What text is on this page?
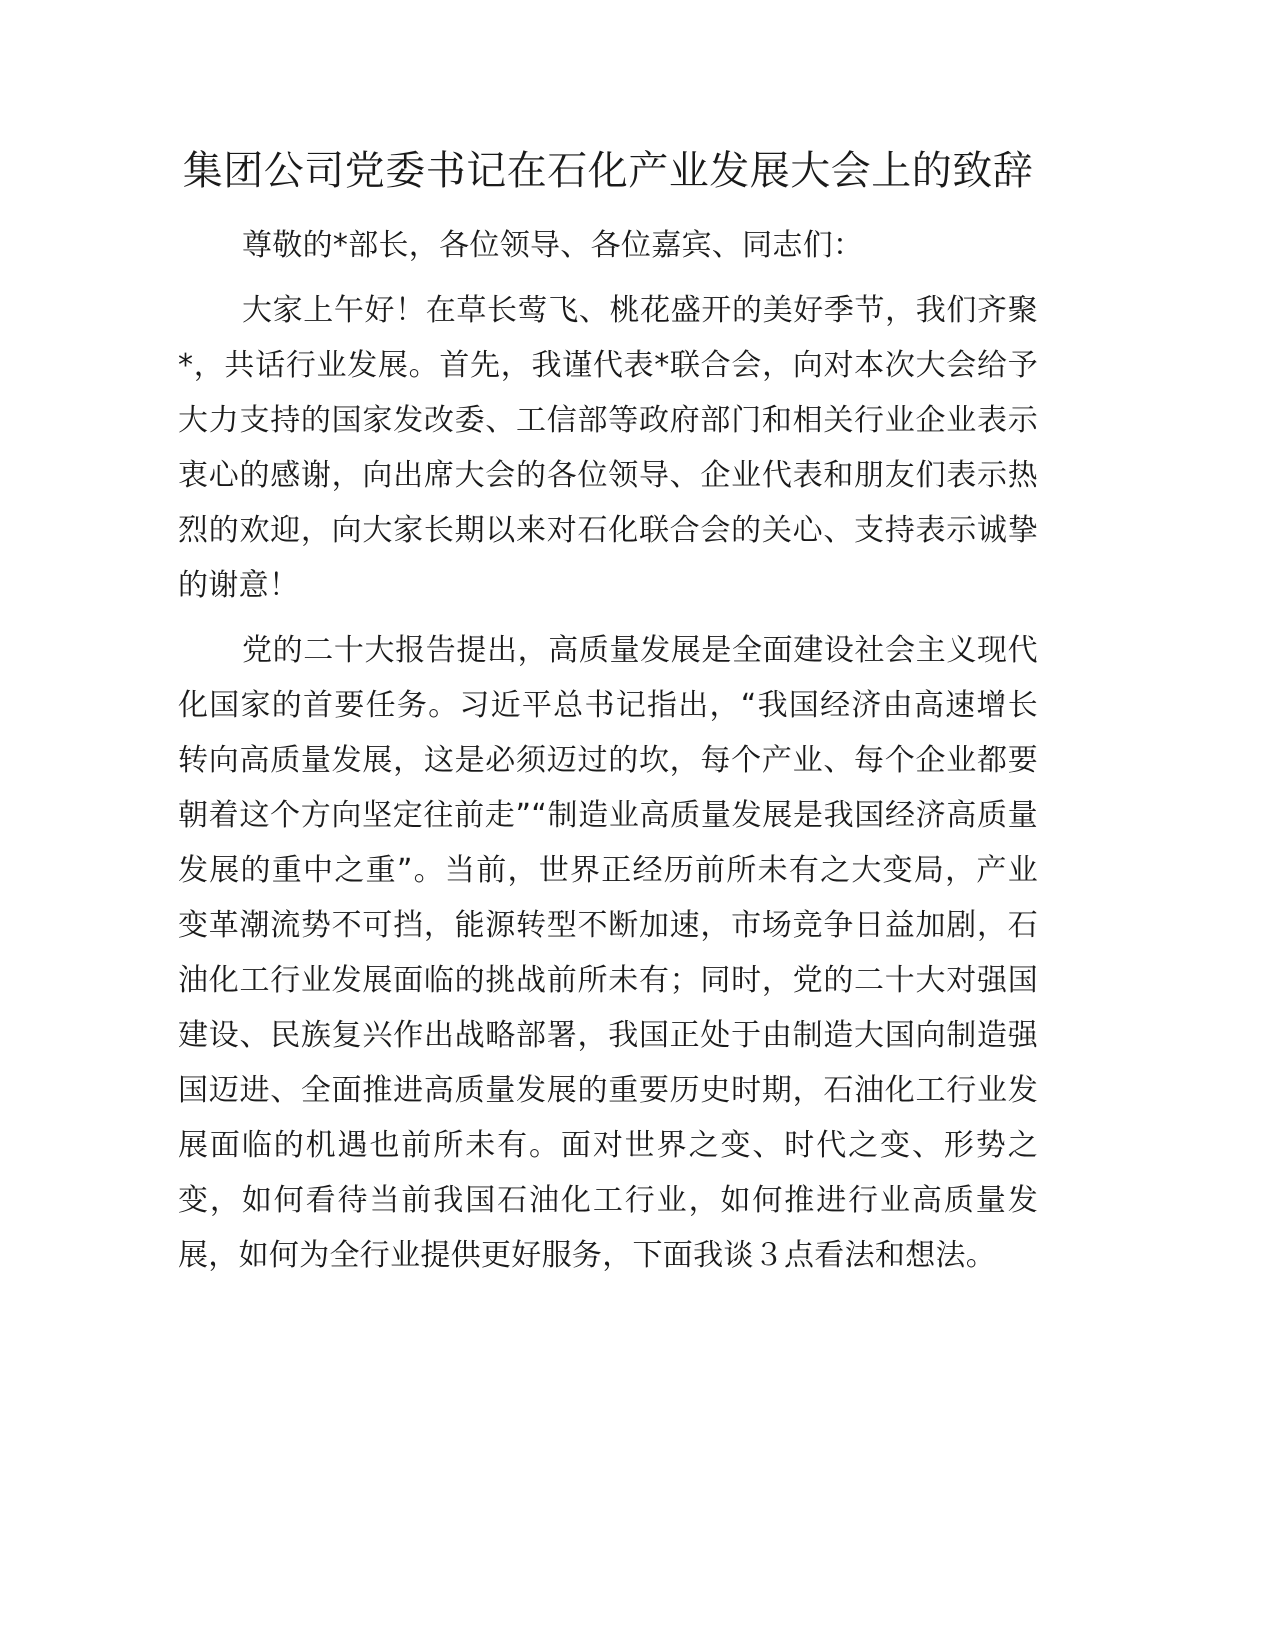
集团公司党委书记在石化产业发展大会上的致辞

尊敬的*部长，各位领导、各位嘉宾、同志们：

大家上午好！在草长莺飞、桃花盛开的美好季节，我们齐聚*，共话行业发展。首先，我谨代表*联合会，向对本次大会给予大力支持的国家发改委、工信部等政府部门和相关行业企业表示衷心的感谢，向出席大会的各位领导、企业代表和朋友们表示热烈的欢迎，向大家长期以来对石化联合会的关心、支持表示诚挚的谢意！

党的二十大报告提出，高质量发展是全面建设社会主义现代化国家的首要任务。习近平总书记指出，“我国经济由高速增长转向高质量发展，这是必须迈过的坎，每个产业、每个企业都要朝着这个方向坚定往前走”“制造业高质量发展是我国经济高质量发展的重中之重”。当前，世界正经历前所未有之大变局，产业变革潮流势不可挡，能源转型不断加速，市场竞争日益加剧，石油化工行业发展面临的挑战前所未有；同时，党的二十大对强国建设、民族复兴作出战略部署，我国正处于由制造大国向制造强国迈进、全面推进高质量发展的重要历史时期，石油化工行业发展面临的机遇也前所未有。面对世界之变、时代之变、形势之变，如何看待当前我国石油化工行业，如何推进行业高质量发展，如何为全行业提供更好服务，下面我谈３点看法和想法。
